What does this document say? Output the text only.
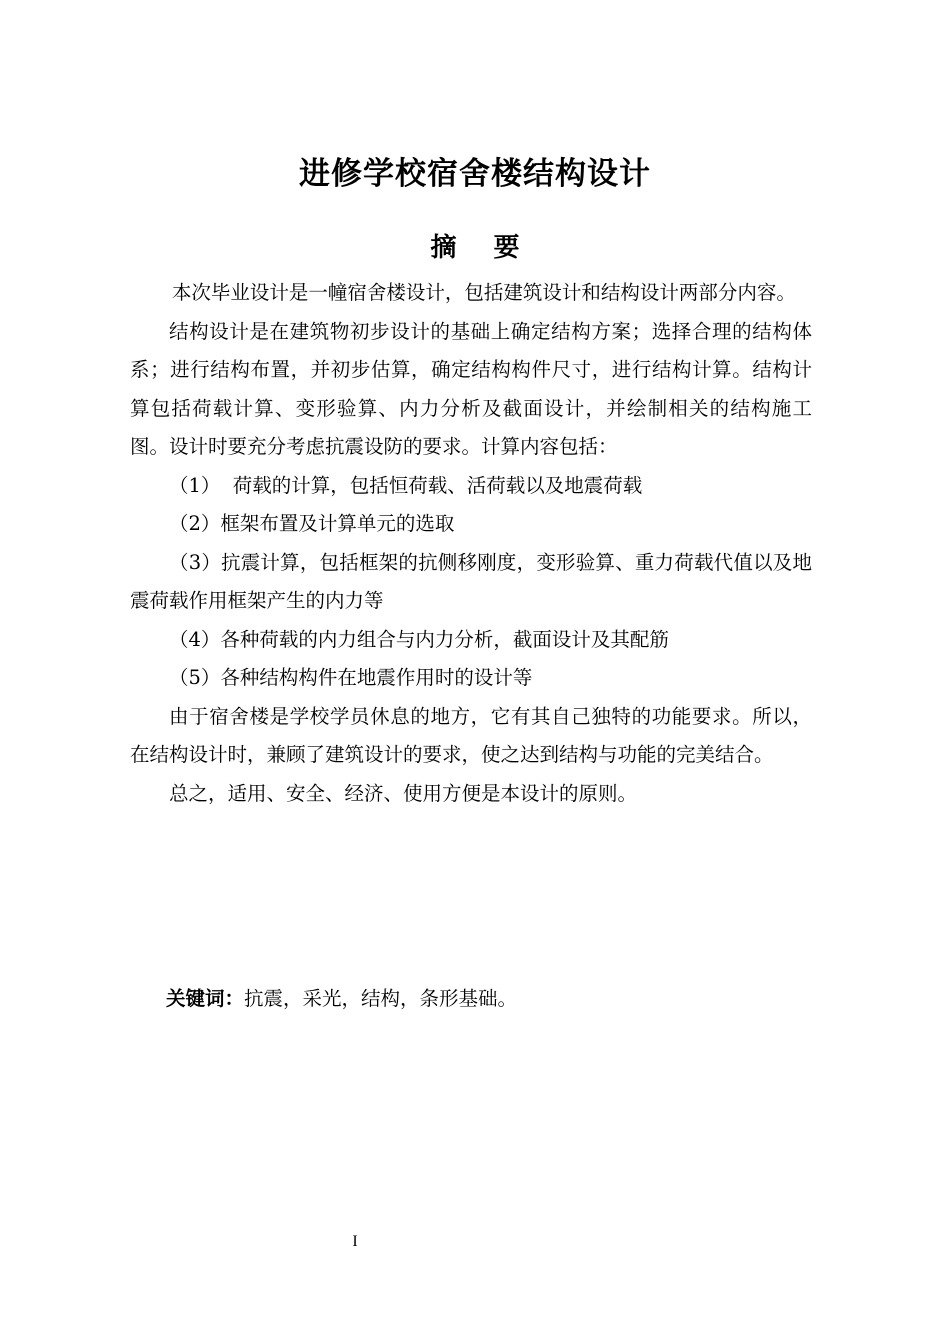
进修学校宿舍楼结构设计
摘 要

本次毕业设计是一幢宿舍楼设计，包括建筑设计和结构设计两部分内容。

结构设计是在建筑物初步设计的基础上确定结构方案；选择合理的结构体系；进行结构布置，并初步估算，确定结构构件尺寸，进行结构计算。结构计算包括荷载计算、变形验算、内力分析及截面设计，并绘制相关的结构施工图。设计时要充分考虑抗震设防的要求。计算内容包括：

（1）  荷载的计算，包括恒荷载、活荷载以及地震荷载

（2）框架布置及计算单元的选取

（3）抗震计算，包括框架的抗侧移刚度，变形验算、重力荷载代值以及地震荷载作用框架产生的内力等

（4）各种荷载的内力组合与内力分析，截面设计及其配筋

（5）各种结构构件在地震作用时的设计等

由于宿舍楼是学校学员休息的地方，它有其自己独特的功能要求。所以，在结构设计时，兼顾了建筑设计的要求，使之达到结构与功能的完美结合。

总之，适用、安全、经济、使用方便是本设计的原则。

关键词：抗震，采光，结构，条形基础。
I
